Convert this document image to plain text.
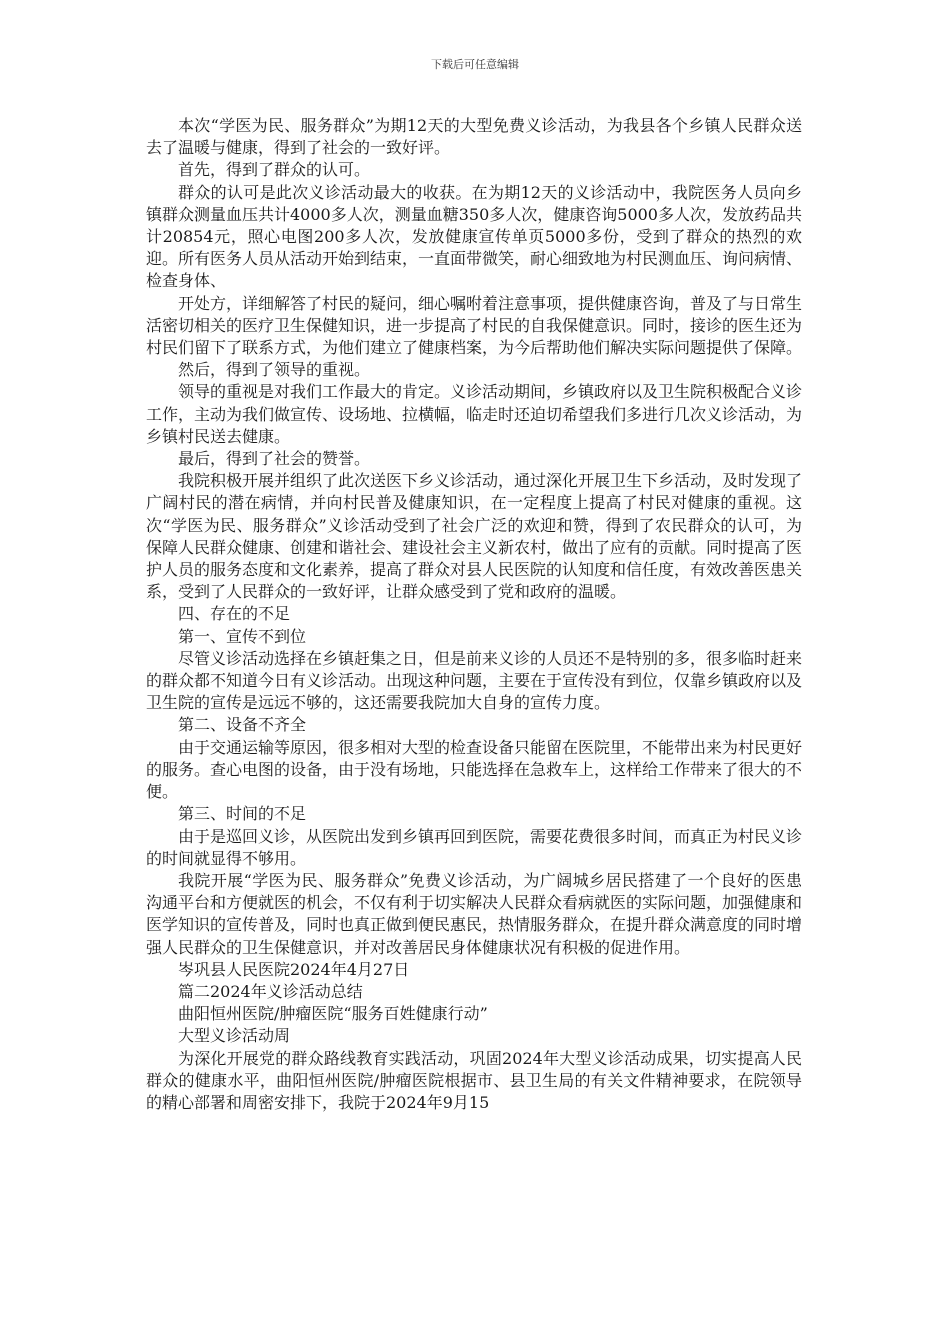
下载后可任意编辑

本次“学医为民、服务群众”为期12天的大型免费义诊活动，为我县各个乡镇人民群众送去了温暖与健康，得到了社会的一致好评。

首先，得到了群众的认可。

群众的认可是此次义诊活动最大的收获。在为期12天的义诊活动中，我院医务人员向乡镇群众测量血压共计4000多人次，测量血糖350多人次，健康咨询5000多人次，发放药品共计20854元，照心电图200多人次，发放健康宣传单页5000多份，受到了群众的热烈的欢迎。所有医务人员从活动开始到结束，一直面带微笑，耐心细致地为村民测血压、询问病情、检查身体、

开处方，详细解答了村民的疑问，细心嘱咐着注意事项，提供健康咨询，普及了与日常生活密切相关的医疗卫生保健知识，进一步提高了村民的自我保健意识。同时，接诊的医生还为村民们留下了联系方式，为他们建立了健康档案，为今后帮助他们解决实际问题提供了保障。

然后，得到了领导的重视。

领导的重视是对我们工作最大的肯定。义诊活动期间，乡镇政府以及卫生院积极配合义诊工作，主动为我们做宣传、设场地、拉横幅，临走时还迫切希望我们多进行几次义诊活动，为乡镇村民送去健康。

最后，得到了社会的赞誉。

我院积极开展并组织了此次送医下乡义诊活动，通过深化开展卫生下乡活动，及时发现了广阔村民的潜在病情，并向村民普及健康知识，在一定程度上提高了村民对健康的重视。这次“学医为民、服务群众”义诊活动受到了社会广泛的欢迎和赞，得到了农民群众的认可，为保障人民群众健康、创建和谐社会、建设社会主义新农村，做出了应有的贡献。同时提高了医护人员的服务态度和文化素养，提高了群众对县人民医院的认知度和信任度，有效改善医患关系，受到了人民群众的一致好评，让群众感受到了党和政府的温暖。

四、存在的不足

第一、宣传不到位

尽管义诊活动选择在乡镇赶集之日，但是前来义诊的人员还不是特别的多，很多临时赶来的群众都不知道今日有义诊活动。出现这种问题，主要在于宣传没有到位，仅靠乡镇政府以及卫生院的宣传是远远不够的，这还需要我院加大自身的宣传力度。

第二、设备不齐全

由于交通运输等原因，很多相对大型的检查设备只能留在医院里，不能带出来为村民更好的服务。查心电图的设备，由于没有场地，只能选择在急救车上，这样给工作带来了很大的不便。

第三、时间的不足

由于是巡回义诊，从医院出发到乡镇再回到医院，需要花费很多时间，而真正为村民义诊的时间就显得不够用。

我院开展“学医为民、服务群众”免费义诊活动，为广阔城乡居民搭建了一个良好的医患沟通平台和方便就医的机会，不仅有利于切实解决人民群众看病就医的实际问题，加强健康和医学知识的宣传普及，同时也真正做到便民惠民，热情服务群众，在提升群众满意度的同时增强人民群众的卫生保健意识，并对改善居民身体健康状况有积极的促进作用。

岑巩县人民医院2024年4月27日

篇二2024年义诊活动总结

曲阳恒州医院/肿瘤医院“服务百姓健康行动”

大型义诊活动周

为深化开展党的群众路线教育实践活动，巩固2024年大型义诊活动成果，切实提高人民群众的健康水平，曲阳恒州医院/肿瘤医院根据市、县卫生局的有关文件精神要求，在院领导的精心部署和周密安排下，我院于2024年9月15
